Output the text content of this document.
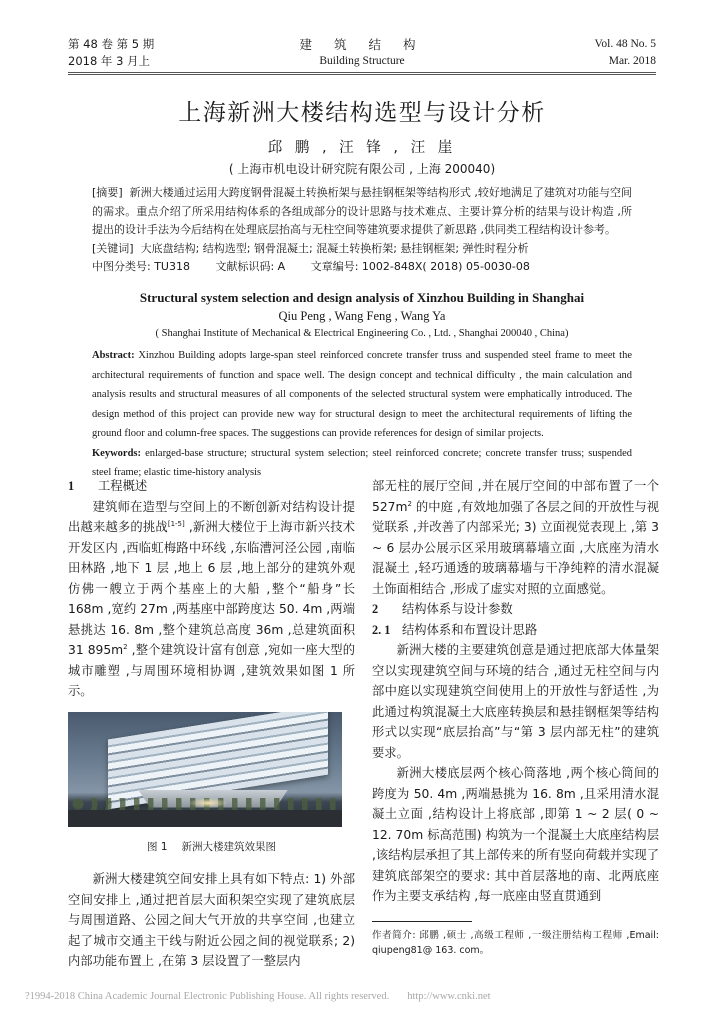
第 48 卷 第 5 期
2018 年 3 月上
建 筑 结 构
Building Structure
Vol. 48 No. 5
Mar. 2018
上海新洲大楼结构选型与设计分析
邱 鹏 , 汪 锋 , 汪 崖
( 上海市机电设计研究院有限公司 , 上海 200040)

[摘要] 新洲大楼通过运用大跨度钢骨混凝土转换桁架与悬挂钢框架等结构形式 ,较好地满足了建筑对功能与空间的需求。重点介绍了所采用结构体系的各组成部分的设计思路与技术难点、主要计算分析的结果与设计构造 ,所提出的设计手法为今后结构在处理底层抬高与无柱空间等建筑要求提供了新思路 ,供同类工程结构设计参考。

[关键词] 大底盘结构; 结构选型; 钢骨混凝土; 混凝土转换桁架; 悬挂钢框架; 弹性时程分析

中图分类号: TU318 文献标识码: A 文章编号: 1002-848X( 2018) 05-0030-08

Structural system selection and design analysis of Xinzhou Building in Shanghai
Qiu Peng , Wang Feng , Wang Ya
( Shanghai Institute of Mechanical & Electrical Engineering Co. , Ltd. , Shanghai 200040 , China)

Abstract: Xinzhou Building adopts large-span steel reinforced concrete transfer truss and suspended steel frame to meet the architectural requirements of function and space well. The design concept and technical difficulty , the main calculation and analysis results and structural measures of all components of the selected structural system were emphatically introduced. The design method of this project can provide new way for structural design to meet the architectural requirements of lifting the ground floor and column-free spaces. The suggestions can provide references for design of similar projects.

Keywords: enlarged-base structure; structural system selection; steel reinforced concrete; concrete transfer truss; suspended steel frame; elastic time-history analysis

1 工程概述

建筑师在造型与空间上的不断创新对结构设计提出越来越多的挑战[1-5] ,新洲大楼位于上海市新兴技术开发区内 ,西临虹梅路中环线 ,东临漕河泾公园 ,南临田林路 ,地下 1 层 ,地上 6 层 ,地上部分的建筑外观仿佛一艘立于两个基座上的大船 ,整个“船身”长 168m ,宽约 27m ,两基座中部跨度达 50. 4m ,两端悬挑达 16. 8m ,整个建筑总高度 36m ,总建筑面积 31 $895m^2$ ,整个建筑设计富有创意 ,宛如一座大型的城市雕塑 ,与周围环境相协调 ,建筑效果如图 1 所示。

图 1 新洲大楼建筑效果图

新洲大楼建筑空间安排上具有如下特点: 1) 外部空间安排上 ,通过把首层大面积架空实现了建筑底层与周围道路、公园之间大气开放的共享空间 ,也建立起了城市交通主干线与附近公园之间的视觉联系; 2) 内部功能布置上 ,在第 3 层设置了一整层内

部无柱的展厅空间 ,并在展厅空间的中部布置了一个 $527m^2$ 的中庭 ,有效地加强了各层之间的开放性与视觉联系 ,并改善了内部采光; 3) 立面视觉表现上 ,第 3 ~ 6 层办公展示区采用玻璃幕墙立面 ,大底座为清水混凝土 ,轻巧通透的玻璃幕墙与干净纯粹的清水混凝土饰面相结合 ,形成了虚实对照的立面感觉。

2 结构体系与设计参数

2. 1 结构体系和布置设计思路

新洲大楼的主要建筑创意是通过把底部大体量架空以实现建筑空间与环境的结合 ,通过无柱空间与内部中庭以实现建筑空间使用上的开放性与舒适性 ,为此通过构筑混凝土大底座转换层和悬挂钢框架等结构形式以实现“底层抬高”与“第 3 层内部无柱”的建筑要求。

新洲大楼底层两个核心筒落地 ,两个核心筒间的跨度为 50. 4m ,两端悬挑为 16. 8m ,且采用清水混凝土立面 ,结构设计上将底部 ,即第 1 ~ 2 层( 0 ~ 12. 70m 标高范围) 构筑为一个混凝土大底座结构层 ,该结构层承担了其上部传来的所有竖向荷载并实现了建筑底部架空的要求: 其中首层落地的南、北两底座作为主要支承结构 ,每一底座由竖直贯通到

作者简介: 邱鹏 ,硕士 ,高级工程师 ,一级注册结构工程师 ,Email: qiupeng81@ 163. com。
?1994-2018 China Academic Journal Electronic Publishing House. All rights reserved. http://www.cnki.net
